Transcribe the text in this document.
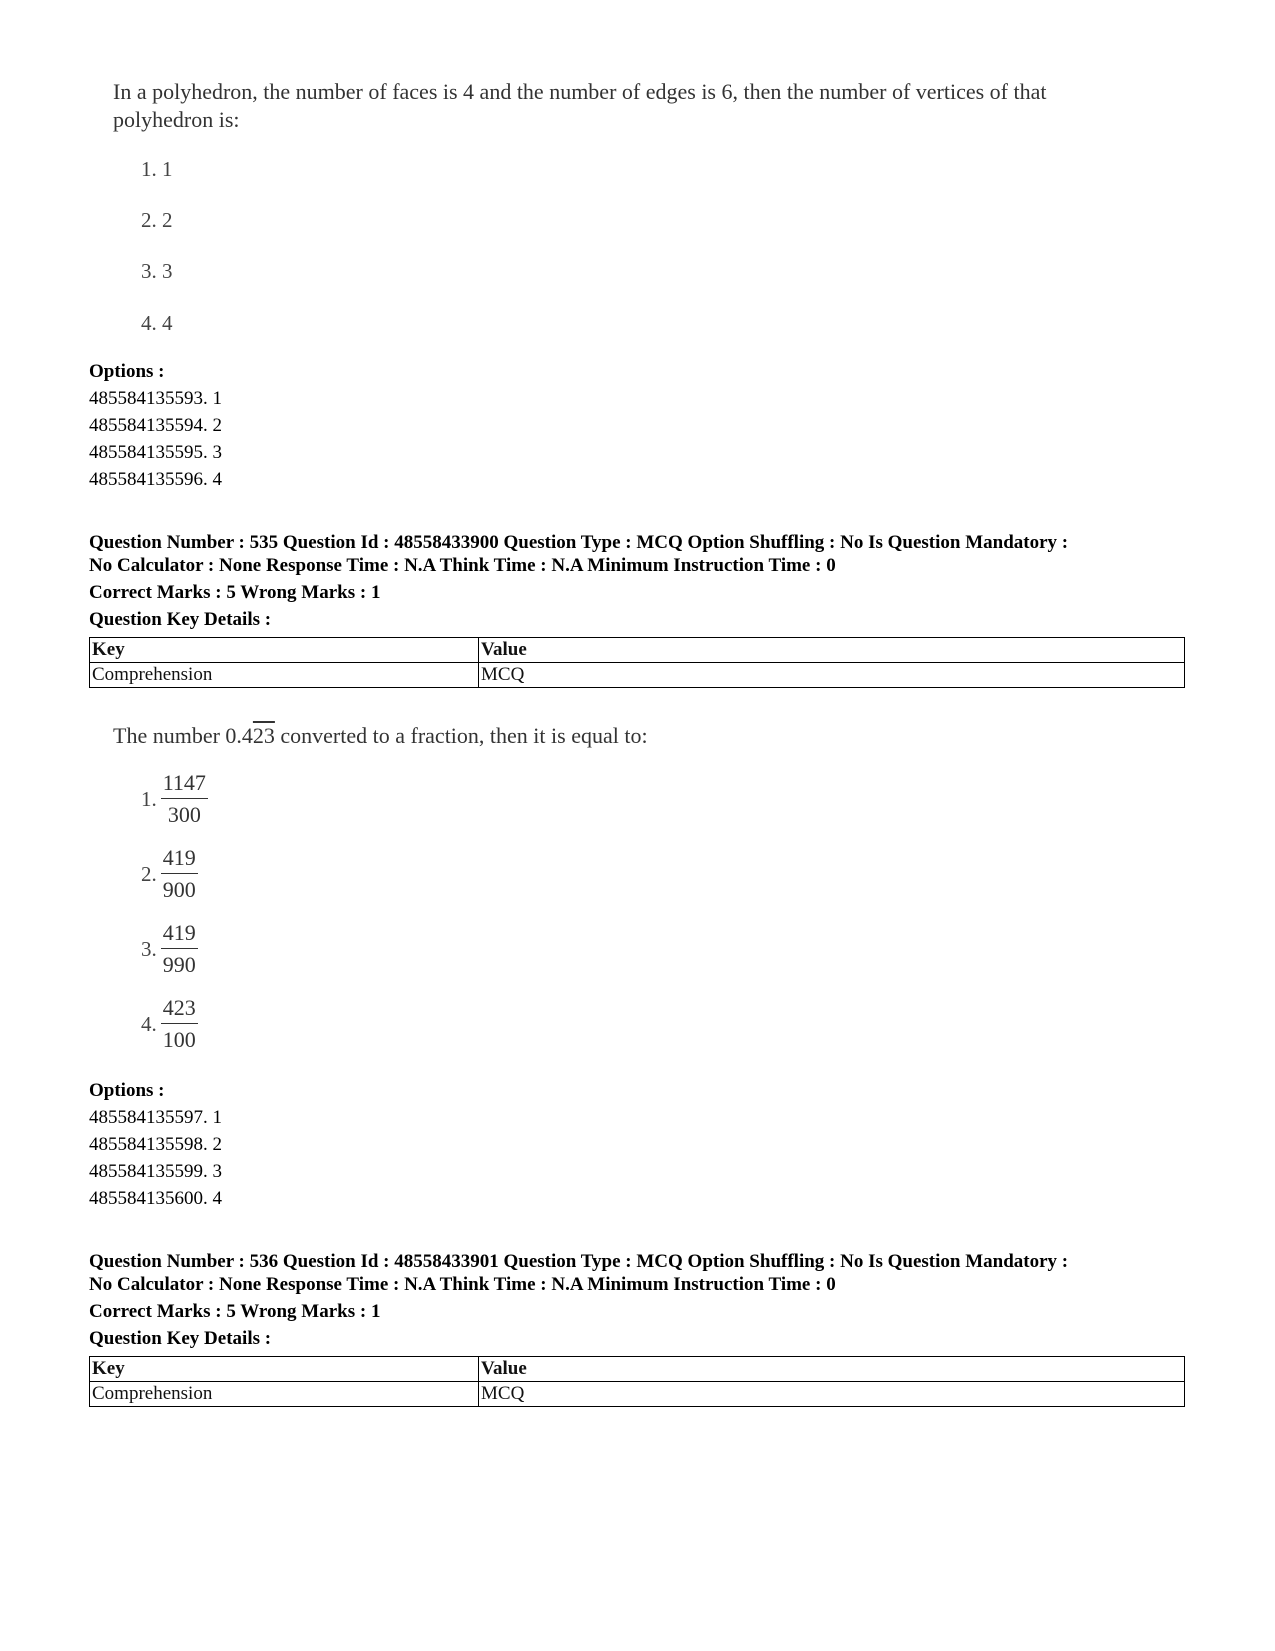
In a polyhedron, the number of faces is 4 and the number of edges is 6, then the number of vertices of that
polyhedron is:
1. 1
2. 2
3. 3
4. 4
Options :
485584135593. 1
485584135594. 2
485584135595. 3
485584135596. 4
Question Number : 535 Question Id : 48558433900 Question Type : MCQ Option Shuffling : No Is Question Mandatory :
No Calculator : None Response Time : N.A Think Time : N.A Minimum Instruction Time : 0
Correct Marks : 5 Wrong Marks : 1
Question Key Details :
Key	Value
Comprehension	MCQ
The number 0.423 converted to a fraction, then it is equal to:
1. $\frac{1147}{300}$
2. $\frac{419}{900}$
3. $\frac{419}{990}$
4. $\frac{423}{100}$
Options :
485584135597. 1
485584135598. 2
485584135599. 3
485584135600. 4
Question Number : 536 Question Id : 48558433901 Question Type : MCQ Option Shuffling : No Is Question Mandatory :
No Calculator : None Response Time : N.A Think Time : N.A Minimum Instruction Time : 0
Correct Marks : 5 Wrong Marks : 1
Question Key Details :
Key	Value
Comprehension	MCQ
